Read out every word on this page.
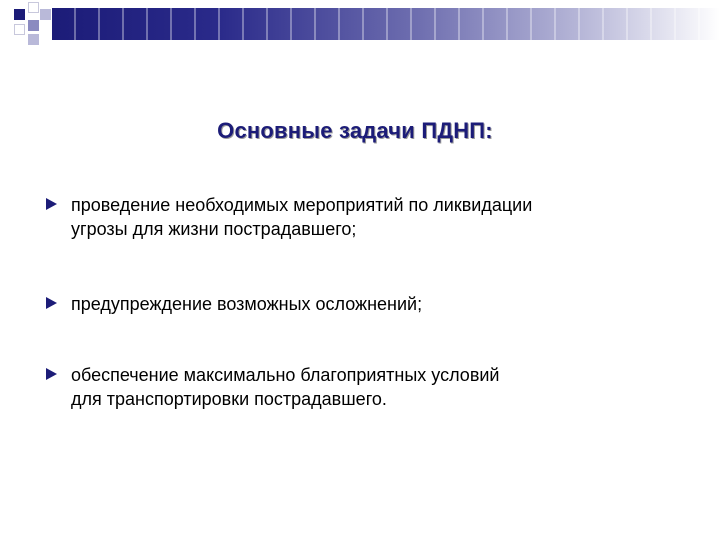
Основные задачи ПДНП:
проведение необходимых мероприятий по ликвидации
угрозы для жизни пострадавшего;
предупреждение возможных осложнений;
обеспечение максимально благоприятных условий
для транспортировки пострадавшего.
